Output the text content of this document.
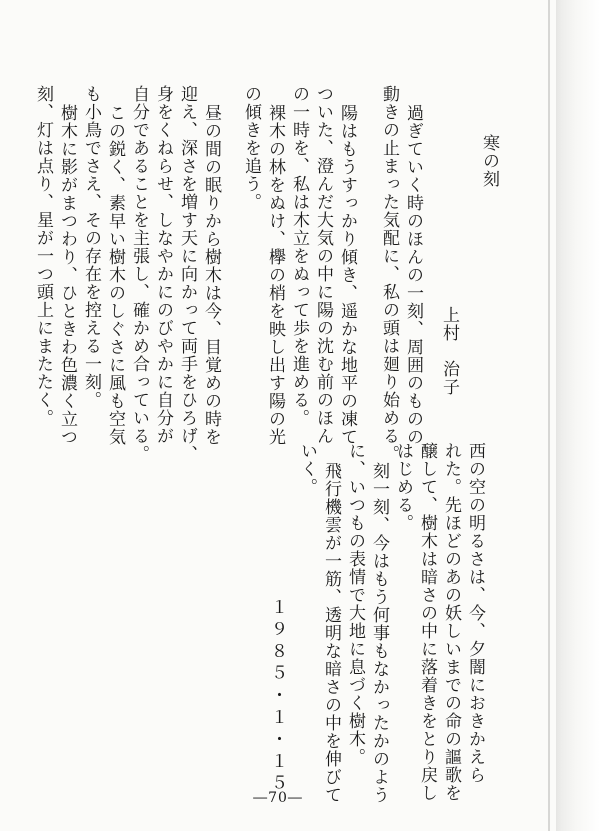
寒の刻
上村　治子
過ぎていく時のほんの一刻、周囲のものの
動きの止まった気配に、私の頭は廻り始める。
陽はもうすっかり傾き、遥かな地平の凍て
ついた、澄んだ大気の中に陽の沈む前のほん
の一時を、私は木立をぬって歩を進める。
裸木の林をぬけ、欅の梢を映し出す陽の光
の傾きを追う。
昼の間の眠りから樹木は今、目覚めの時を
迎え、深さを増す天に向かって両手をひろげ、
身をくねらせ、しなやかにのびやかに自分が
自分であることを主張し、確かめ合っている。
この鋭く、素早い樹木のしぐさに風も空気
も小鳥でさえ、その存在を控える一刻。
樹木に影がまつわり、ひときわ色濃く立つ
刻、灯は点り、星が一つ頭上にまたたく。
西の空の明るさは、今、夕闇におきかえら
れた。先ほどのあの妖しいまでの命の謳歌を
醸して、樹木は暗さの中に落着きをとり戻し
はじめる。
刻一刻、今はもう何事もなかったかのよう
に、いつもの表情で大地に息づく樹木。
飛行機雲が一筋、透明な暗さの中を伸びて
いく。
１９８５・１・１５
―70―
